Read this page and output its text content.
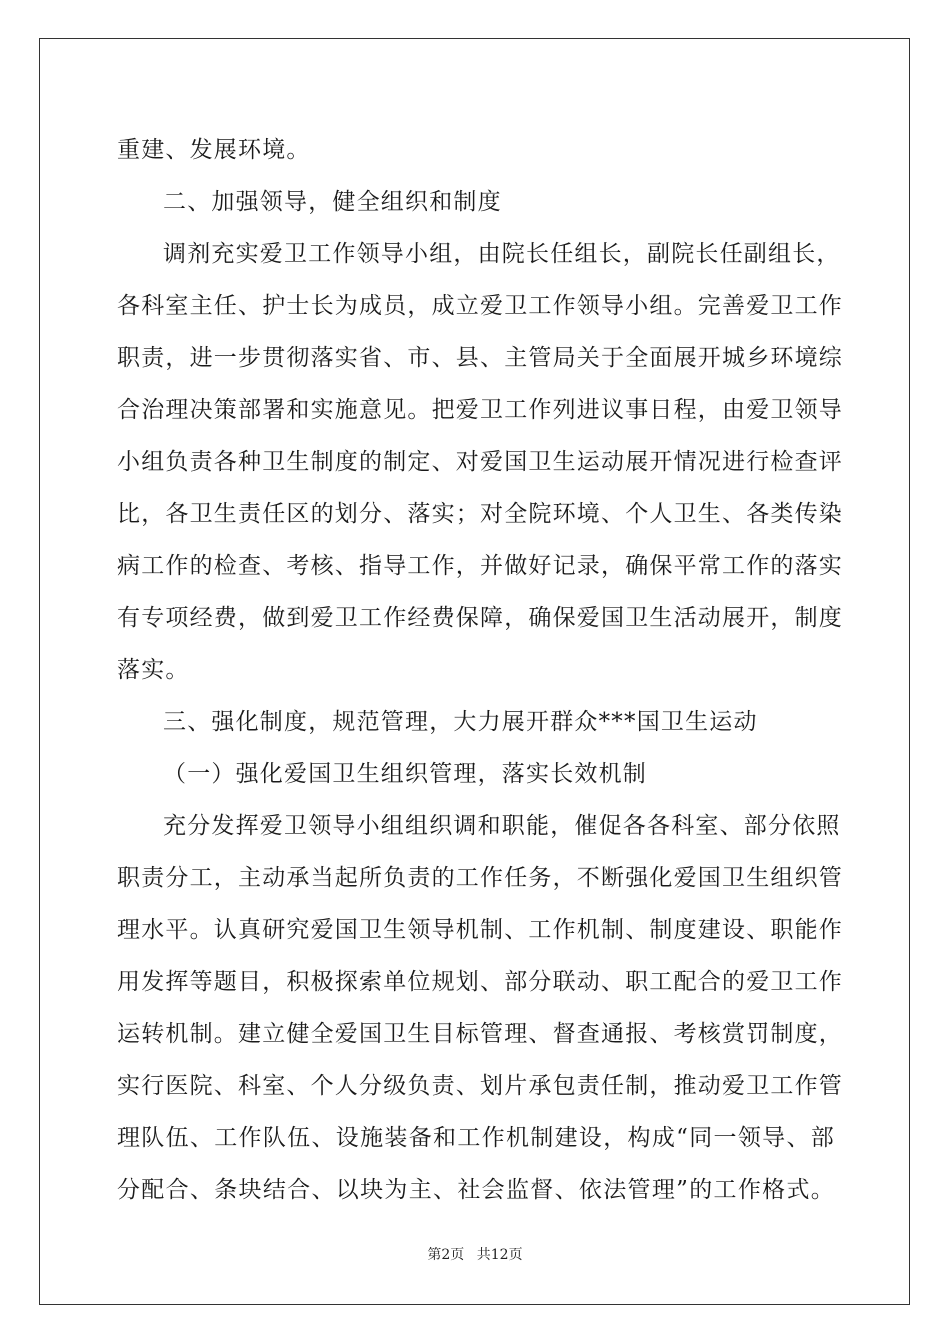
重建、发展环境。
二、加强领导，健全组织和制度
调剂充实爱卫工作领导小组，由院长任组长，副院长任副组长，
各科室主任、护士长为成员，成立爱卫工作领导小组。完善爱卫工作
职责，进一步贯彻落实省、市、县、主管局关于全面展开城乡环境综
合治理决策部署和实施意见。把爱卫工作列进议事日程，由爱卫领导
小组负责各种卫生制度的制定、对爱国卫生运动展开情况进行检查评
比，各卫生责任区的划分、落实；对全院环境、个人卫生、各类传染
病工作的检查、考核、指导工作，并做好记录，确保平常工作的落实
有专项经费，做到爱卫工作经费保障，确保爱国卫生活动展开，制度
落实。
三、强化制度，规范管理，大力展开群众***国卫生运动
（一）强化爱国卫生组织管理，落实长效机制
充分发挥爱卫领导小组组织调和职能，催促各各科室、部分依照
职责分工，主动承当起所负责的工作任务，不断强化爱国卫生组织管
理水平。认真研究爱国卫生领导机制、工作机制、制度建设、职能作
用发挥等题目，积极探索单位规划、部分联动、职工配合的爱卫工作
运转机制。建立健全爱国卫生目标管理、督查通报、考核赏罚制度，
实行医院、科室、个人分级负责、划片承包责任制，推动爱卫工作管
理队伍、工作队伍、设施装备和工作机制建设，构成“同一领导、部
分配合、条块结合、以块为主、社会监督、依法管理”的工作格式。
第2页 共12页
